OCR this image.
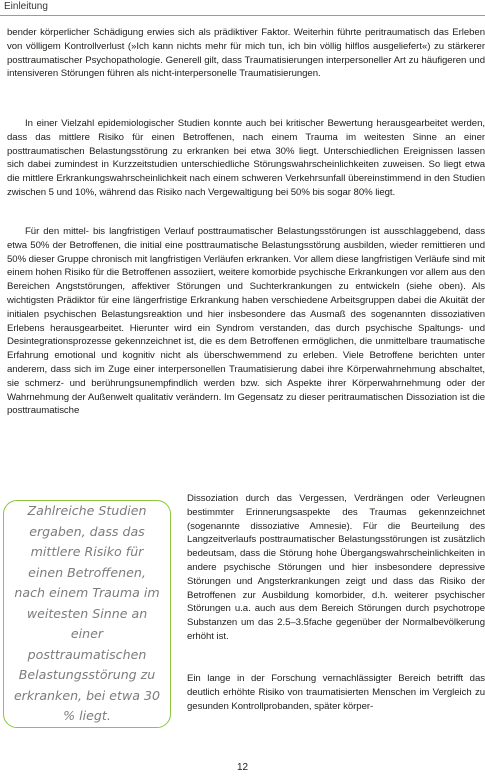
Einleitung

bender körperlicher Schädigung erwies sich als prädiktiver Faktor. Weiterhin führte peritraumatisch das Erleben von völligem Kontrollverlust (»Ich kann nichts mehr für mich tun, ich bin völlig hilflos ausgeliefert«) zu stärkerer posttraumatischer Psychopathologie. Generell gilt, dass Traumatisierungen interpersoneller Art zu häufigeren und intensiveren Störungen führen als nicht-interpersonelle Traumatisierungen.

In einer Vielzahl epidemiologischer Studien konnte auch bei kritischer Bewertung herausgearbeitet werden, dass das mittlere Risiko für einen Betroffenen, nach einem Trauma im weitesten Sinne an einer posttraumatischen Belastungsstörung zu erkranken bei etwa 30% liegt. Unterschiedlichen Ereignissen lassen sich dabei zumindest in Kurzzeitstudien unterschiedliche Störungswahrscheinlichkeiten zuweisen. So liegt etwa die mittlere Erkrankungswahrscheinlichkeit nach einem schweren Verkehrsunfall übereinstimmend in den Studien zwischen 5 und 10%, während das Risiko nach Vergewaltigung bei 50% bis sogar 80% liegt.

Für den mittel- bis langfristigen Verlauf posttraumatischer Belastungsstörungen ist ausschlaggebend, dass etwa 50% der Betroffenen, die initial eine posttraumatische Belastungsstörung ausbilden, wieder remittieren und 50% dieser Gruppe chronisch mit langfristigen Verläufen erkranken. Vor allem diese langfristigen Verläufe sind mit einem hohen Risiko für die Betroffenen assoziiert, weitere komorbide psychische Erkrankungen vor allem aus den Bereichen Angststörungen, affektiver Störungen und Suchterkrankungen zu entwickeln (siehe oben). Als wichtigsten Prädiktor für eine längerfristige Erkrankung haben verschiedene Arbeitsgruppen dabei die Akuität der initialen psychischen Belastungsreaktion und hier insbesondere das Ausmaß des sogenannten dissoziativen Erlebens herausgearbeitet. Hierunter wird ein Syndrom verstanden, das durch psychische Spaltungs- und Desintegrationsprozesse gekennzeichnet ist, die es dem Betroffenen ermöglichen, die unmittelbare traumatische Erfahrung emotional und kognitiv nicht als überschwemmend zu erleben. Viele Betroffene berichten unter anderem, dass sich im Zuge einer interpersonellen Traumatisierung dabei ihre Körperwahrnehmung abschaltet, sie schmerz- und berührungsunempfindlich werden bzw. sich Aspekte ihrer Körperwahrnehmung oder der Wahrnehmung der Außenwelt qualitativ verändern. Im Gegensatz zu dieser peritraumatischen Dissoziation ist die posttraumatische

Zahlreiche Studien ergaben, dass das mittlere Risiko für einen Betroffenen, nach einem Trauma im weitesten Sinne an einer posttraumatischen Belastungsstörung zu erkranken, bei etwa 30 % liegt.

Dissoziation durch das Vergessen, Verdrängen oder Verleugnen bestimmter Erinnerungsaspekte des Traumas gekennzeichnet (sogenannte dissoziative Amnesie). Für die Beurteilung des Langzeitverlaufs posttraumatischer Belastungsstörungen ist zusätzlich bedeutsam, dass die Störung hohe Übergangswahrscheinlichkeiten in andere psychische Störungen und hier insbesondere depressive Störungen und Angsterkrankungen zeigt und dass das Risiko der Betroffenen zur Ausbildung komorbider, d.h. weiterer psychischer Störungen u.a. auch aus dem Bereich Störungen durch psychotrope Substanzen um das 2.5–3.5fache gegenüber der Normalbevölkerung erhöht ist.

Ein lange in der Forschung vernachlässigter Bereich betrifft das deutlich erhöhte Risiko von traumatisierten Menschen im Vergleich zu gesunden Kontrollprobanden, später körper-

12
